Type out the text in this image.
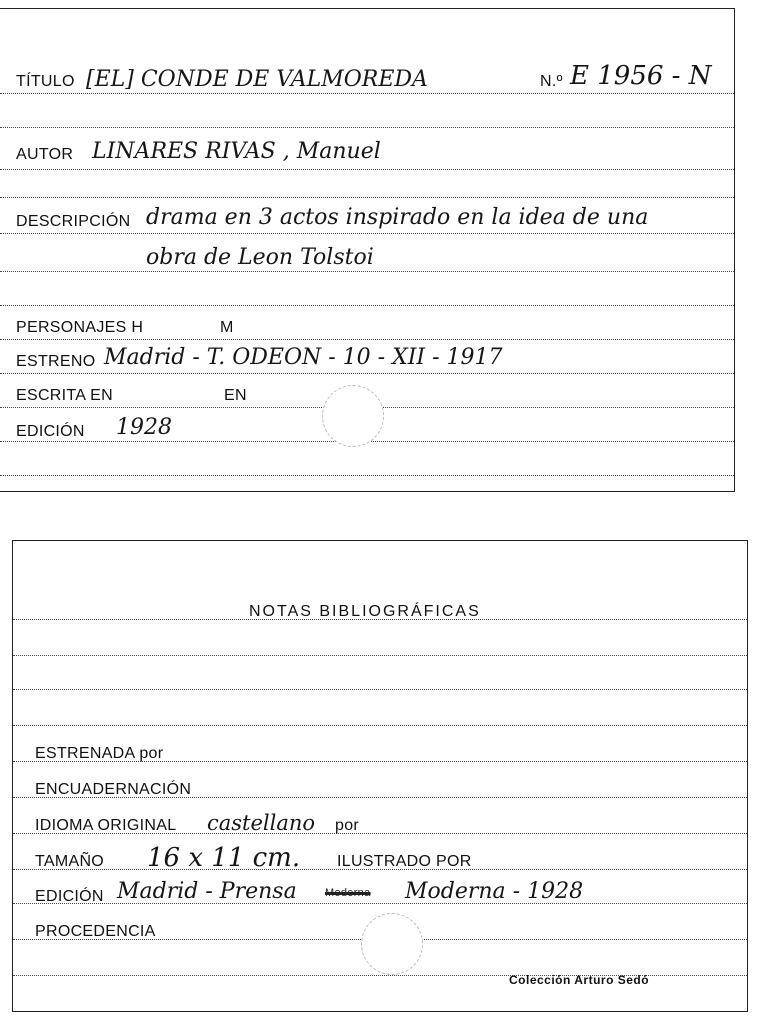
TÍTULO [EL] CONDE DE VALMOREDA	N.º E 1956 - N
AUTOR LINARES RIVAS , Manuel
DESCRIPCIÓN drama en 3 actos inspirado en la idea de una
obra de Leon Tolstoi
PERSONAJES H	M
ESTRENO Madrid - T. ODEON - 10 - XII - 1917
ESCRITA EN	EN
EDICIÓN 1928
NOTAS BIBLIOGRÁFICAS
ESTRENADA por
ENCUADERNACIÓN
IDIOMA ORIGINAL castellano por
TAMAÑO 16 x 11 cm. ILUSTRADO POR
EDICIÓN Madrid - Prensa	Moderna Moderna - 1928
PROCEDENCIA
Colección Arturo Sedó
